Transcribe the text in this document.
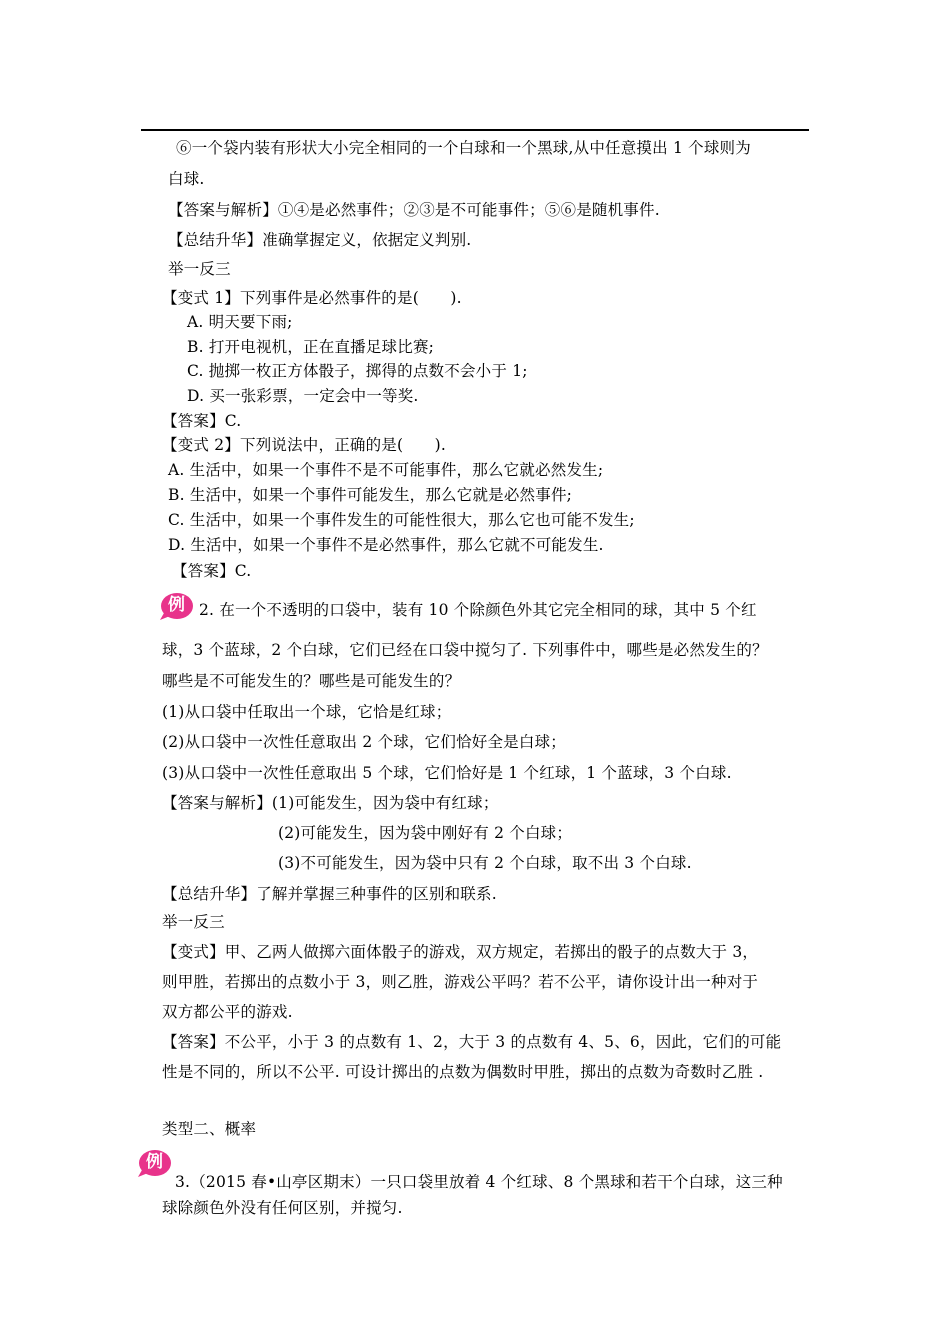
⑥一个袋内装有形状大小完全相同的一个白球和一个黑球,从中任意摸出 1 个球则为
白球.
【答案与解析】①④是必然事件；②③是不可能事件；⑤⑥是随机事件.
【总结升华】准确掌握定义，依据定义判别.
举一反三
【变式 1】下列事件是必然事件的是(　　).
A. 明天要下雨;
B. 打开电视机，正在直播足球比赛;
C. 抛掷一枚正方体骰子，掷得的点数不会小于 1;
D. 买一张彩票，一定会中一等奖.
【答案】C.
【变式 2】下列说法中，正确的是(　　).
A. 生活中，如果一个事件不是不可能事件，那么它就必然发生;
B. 生活中，如果一个事件可能发生，那么它就是必然事件;
C. 生活中，如果一个事件发生的可能性很大，那么它也可能不发生;
D. 生活中，如果一个事件不是必然事件，那么它就不可能发生.
【答案】C.
例 2. 在一个不透明的口袋中，装有 10 个除颜色外其它完全相同的球，其中 5 个红
球，3 个蓝球，2 个白球，它们已经在口袋中搅匀了. 下列事件中，哪些是必然发生的？
哪些是不可能发生的？哪些是可能发生的？
(1)从口袋中任取出一个球，它恰是红球；
(2)从口袋中一次性任意取出 2 个球，它们恰好全是白球；
(3)从口袋中一次性任意取出 5 个球，它们恰好是 1 个红球，1 个蓝球，3 个白球.
【答案与解析】(1)可能发生，因为袋中有红球；
(2)可能发生，因为袋中刚好有 2 个白球；
(3)不可能发生，因为袋中只有 2 个白球，取不出 3 个白球.
【总结升华】了解并掌握三种事件的区别和联系.
举一反三
【变式】甲、乙两人做掷六面体骰子的游戏，双方规定，若掷出的骰子的点数大于 3，
则甲胜，若掷出的点数小于 3，则乙胜，游戏公平吗？若不公平，请你设计出一种对于
双方都公平的游戏.
【答案】不公平，小于 3 的点数有 1、2，大于 3 的点数有 4、5、6，因此，它们的可能
性是不同的，所以不公平. 可设计掷出的点数为偶数时甲胜，掷出的点数为奇数时乙胜 .
类型二、概率
例
3.（2015 春•山亭区期末）一只口袋里放着 4 个红球、8 个黑球和若干个白球，这三种
球除颜色外没有任何区别，并搅匀.
